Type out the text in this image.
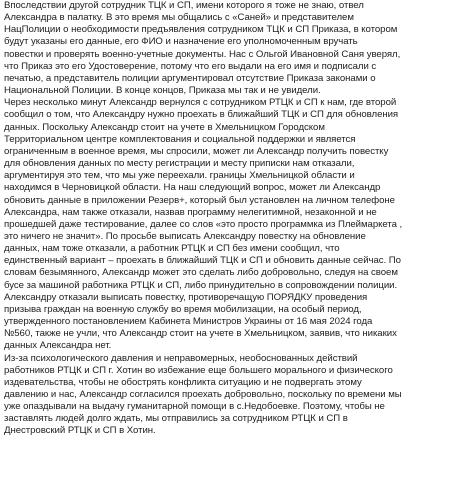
Впоследствии другой сотрудник ТЦК и СП, имени которого я тоже не знаю, отвел
Александра в палатку. В это время мы общались с «Саней» и представителем
НацПолиции о необходимости предъявления сотрудником ТЦК и СП Приказа, в котором
будут указаны его данные, его ФИО и назначение его уполномоченным вручать
повестки и проверять военно-учетные документы. Нас с Ольгой Ивановной Саня уверял,
что Приказ это его Удостоверение, потому что его выдали на его имя и подписали с
печатью, а представитель полиции аргументировал отсутствие Приказа законами о
Национальной Полиции. В конце концов, Приказа мы так и не увидели.
Через несколько минут Александр вернулся с сотрудником РТЦК и СП к нам, где второй
сообщил о том, что Александру нужно проехать в ближайший ТЦК и СП для обновления
данных. Поскольку Александр стоит на учете в Хмельницком Городском
Территориальном центре комплектования и социальной поддержки и является
ограниченным в военное время, мы спросили, может ли Александр получить повестку
для обновления данных по месту регистрации и месту приписки нам отказали,
аргументируя это тем, что мы уже переехали. границы Хмельницкой области и
находимся в Черновицкой области. На наш следующий вопрос, может ли Александр
обновить данные в приложении Резерв+, который был установлен на личном телефоне
Александра, нам также отказали, назвав программу нелегитимной, незаконной и не
прошедшей даже тестирование, далее со слов «это просто программка из Плеймаркета ,
это ничего не значит». По просьбе выписать Александру повестку на обновление
данных, нам тоже отказали, а работник РТЦК и СП без имени сообщил, что
единственный вариант – проехать в ближайший ТЦК и СП и обновить данные сейчас. По
словам безымянного, Александр может это сделать либо добровольно, следуя на своем
бусе за машиной работника РТЦК и СП, либо принудительно в сопровождении полиции.
Александру отказали выписать повестку, противоречащую ПОРЯДКУ проведения
призыва граждан на военную службу во время мобилизации, на особый период,
утвержденного постановлением Кабинета Министров Украины от 16 мая 2024 года
№560, также не учли, что Александр стоит на учете в Хмельницком, заявив, что никаких
данных Александра нет.
Из-за психологического давления и неправомерных, необоснованных действий
работников РТЦК и СП г. Хотин во избежание еще большего морального и физического
издевательства, чтобы не обострять конфликта ситуацию и не подвергать этому
давлению и нас, Александр согласился проехать добровольно, поскольку по времени мы
уже опаздывали на выдачу гуманитарной помощи в с.Недобоевке. Поэтому, чтобы не
заставлять людей долго ждать, мы отправились за сотрудником РТЦК и СП в
Днестровский РТЦК и СП в Хотин.
